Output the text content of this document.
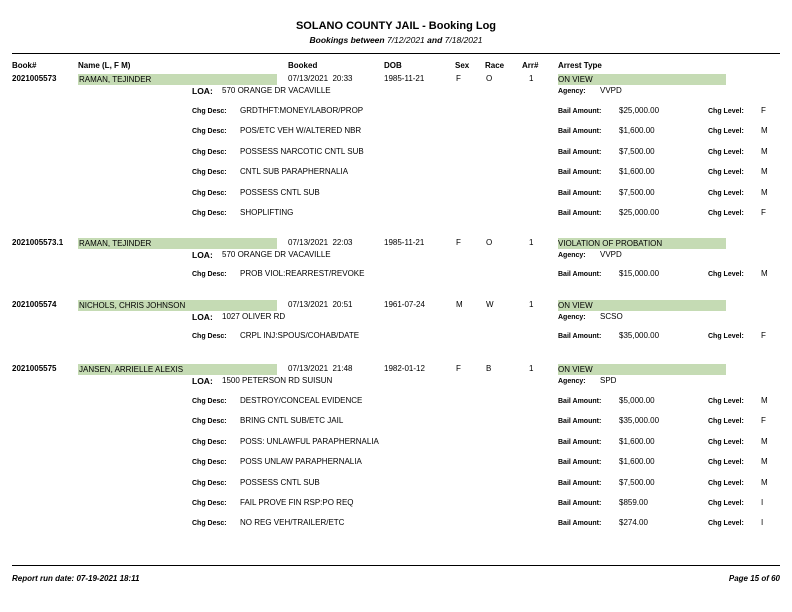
SOLANO COUNTY JAIL - Booking Log
Bookings between 7/12/2021 and 7/18/2021
Book#	Name (L, F M)	Booked	DOB	Sex Race Arr# Arrest Type
2021005573	RAMAN, TEJINDER	07/13/2021  20:33	1985-11-21	F	O	1	ON VIEW
LOA: 570 ORANGE DR VACAVILLE	Agency: VVPD
Chg Desc: GRDTHFT:MONEY/LABOR/PROP	Bail Amount: $25,000.00	Chg Level: F
Chg Desc: POS/ETC VEH W/ALTERED NBR	Bail Amount: $1,600.00	Chg Level: M
Chg Desc: POSSESS NARCOTIC CNTL SUB	Bail Amount: $7,500.00	Chg Level: M
Chg Desc: CNTL SUB PARAPHERNALIA	Bail Amount: $1,600.00	Chg Level: M
Chg Desc: POSSESS CNTL SUB	Bail Amount: $7,500.00	Chg Level: M
Chg Desc: SHOPLIFTING	Bail Amount: $25,000.00	Chg Level: F
2021005573.1 RAMAN, TEJINDER	07/13/2021  22:03	1985-11-21	F	O	1	VIOLATION OF PROBATION
LOA: 570 ORANGE DR VACAVILLE	Agency: VVPD
Chg Desc: PROB VIOL:REARREST/REVOKE	Bail Amount: $15,000.00	Chg Level: M
2021005574	NICHOLS, CHRIS JOHNSON	07/13/2021  20:51	1961-07-24	M	W	1	ON VIEW
LOA: 1027 OLIVER RD	Agency: SCSO
Chg Desc: CRPL INJ:SPOUS/COHAB/DATE	Bail Amount: $35,000.00	Chg Level: F
2021005575	JANSEN, ARRIELLE ALEXIS	07/13/2021  21:48	1982-01-12	F	B	1	ON VIEW
LOA: 1500 PETERSON RD SUISUN	Agency: SPD
Chg Desc: DESTROY/CONCEAL EVIDENCE	Bail Amount: $5,000.00	Chg Level: M
Chg Desc: BRING CNTL SUB/ETC JAIL	Bail Amount: $35,000.00	Chg Level: F
Chg Desc: POSS: UNLAWFUL PARAPHERNALIA	Bail Amount: $1,600.00	Chg Level: M
Chg Desc: POSS UNLAW PARAPHERNALIA	Bail Amount: $1,600.00	Chg Level: M
Chg Desc: POSSESS CNTL SUB	Bail Amount: $7,500.00	Chg Level: M
Chg Desc: FAIL PROVE FIN RSP:PO REQ	Bail Amount: $859.00	Chg Level: I
Chg Desc: NO REG VEH/TRAILER/ETC	Bail Amount: $274.00	Chg Level: I
Report run date: 07-19-2021 18:11	Page 15 of 60
